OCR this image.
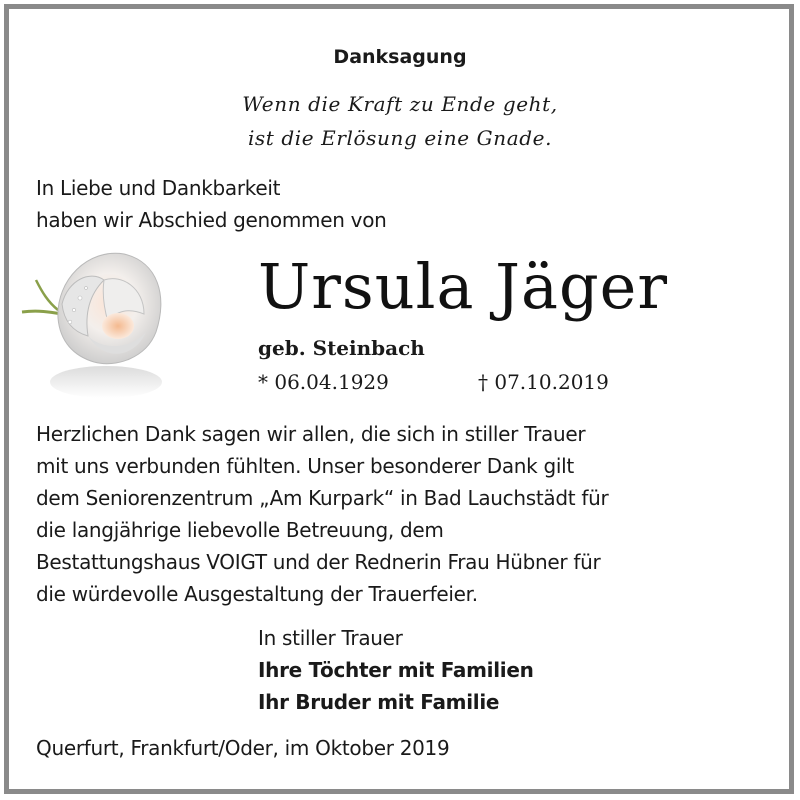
Danksagung
Wenn die Kraft zu Ende geht,
ist die Erlösung eine Gnade.
In Liebe und Dankbarkeit
haben wir Abschied genommen von
Ursula Jäger
geb. Steinbach
* 06.04.1929	† 07.10.2019
Herzlichen Dank sagen wir allen, die sich in stiller Trauer
mit uns verbunden fühlten. Unser besonderer Dank gilt
dem Seniorenzentrum „Am Kurpark“ in Bad Lauchstädt für
die langjährige liebevolle Betreuung, dem
Bestattungshaus VOIGT und der Rednerin Frau Hübner für
die würdevolle Ausgestaltung der Trauerfeier.
In stiller Trauer
Ihre Töchter mit Familien
Ihr Bruder mit Familie
Querfurt, Frankfurt/Oder, im Oktober 2019
